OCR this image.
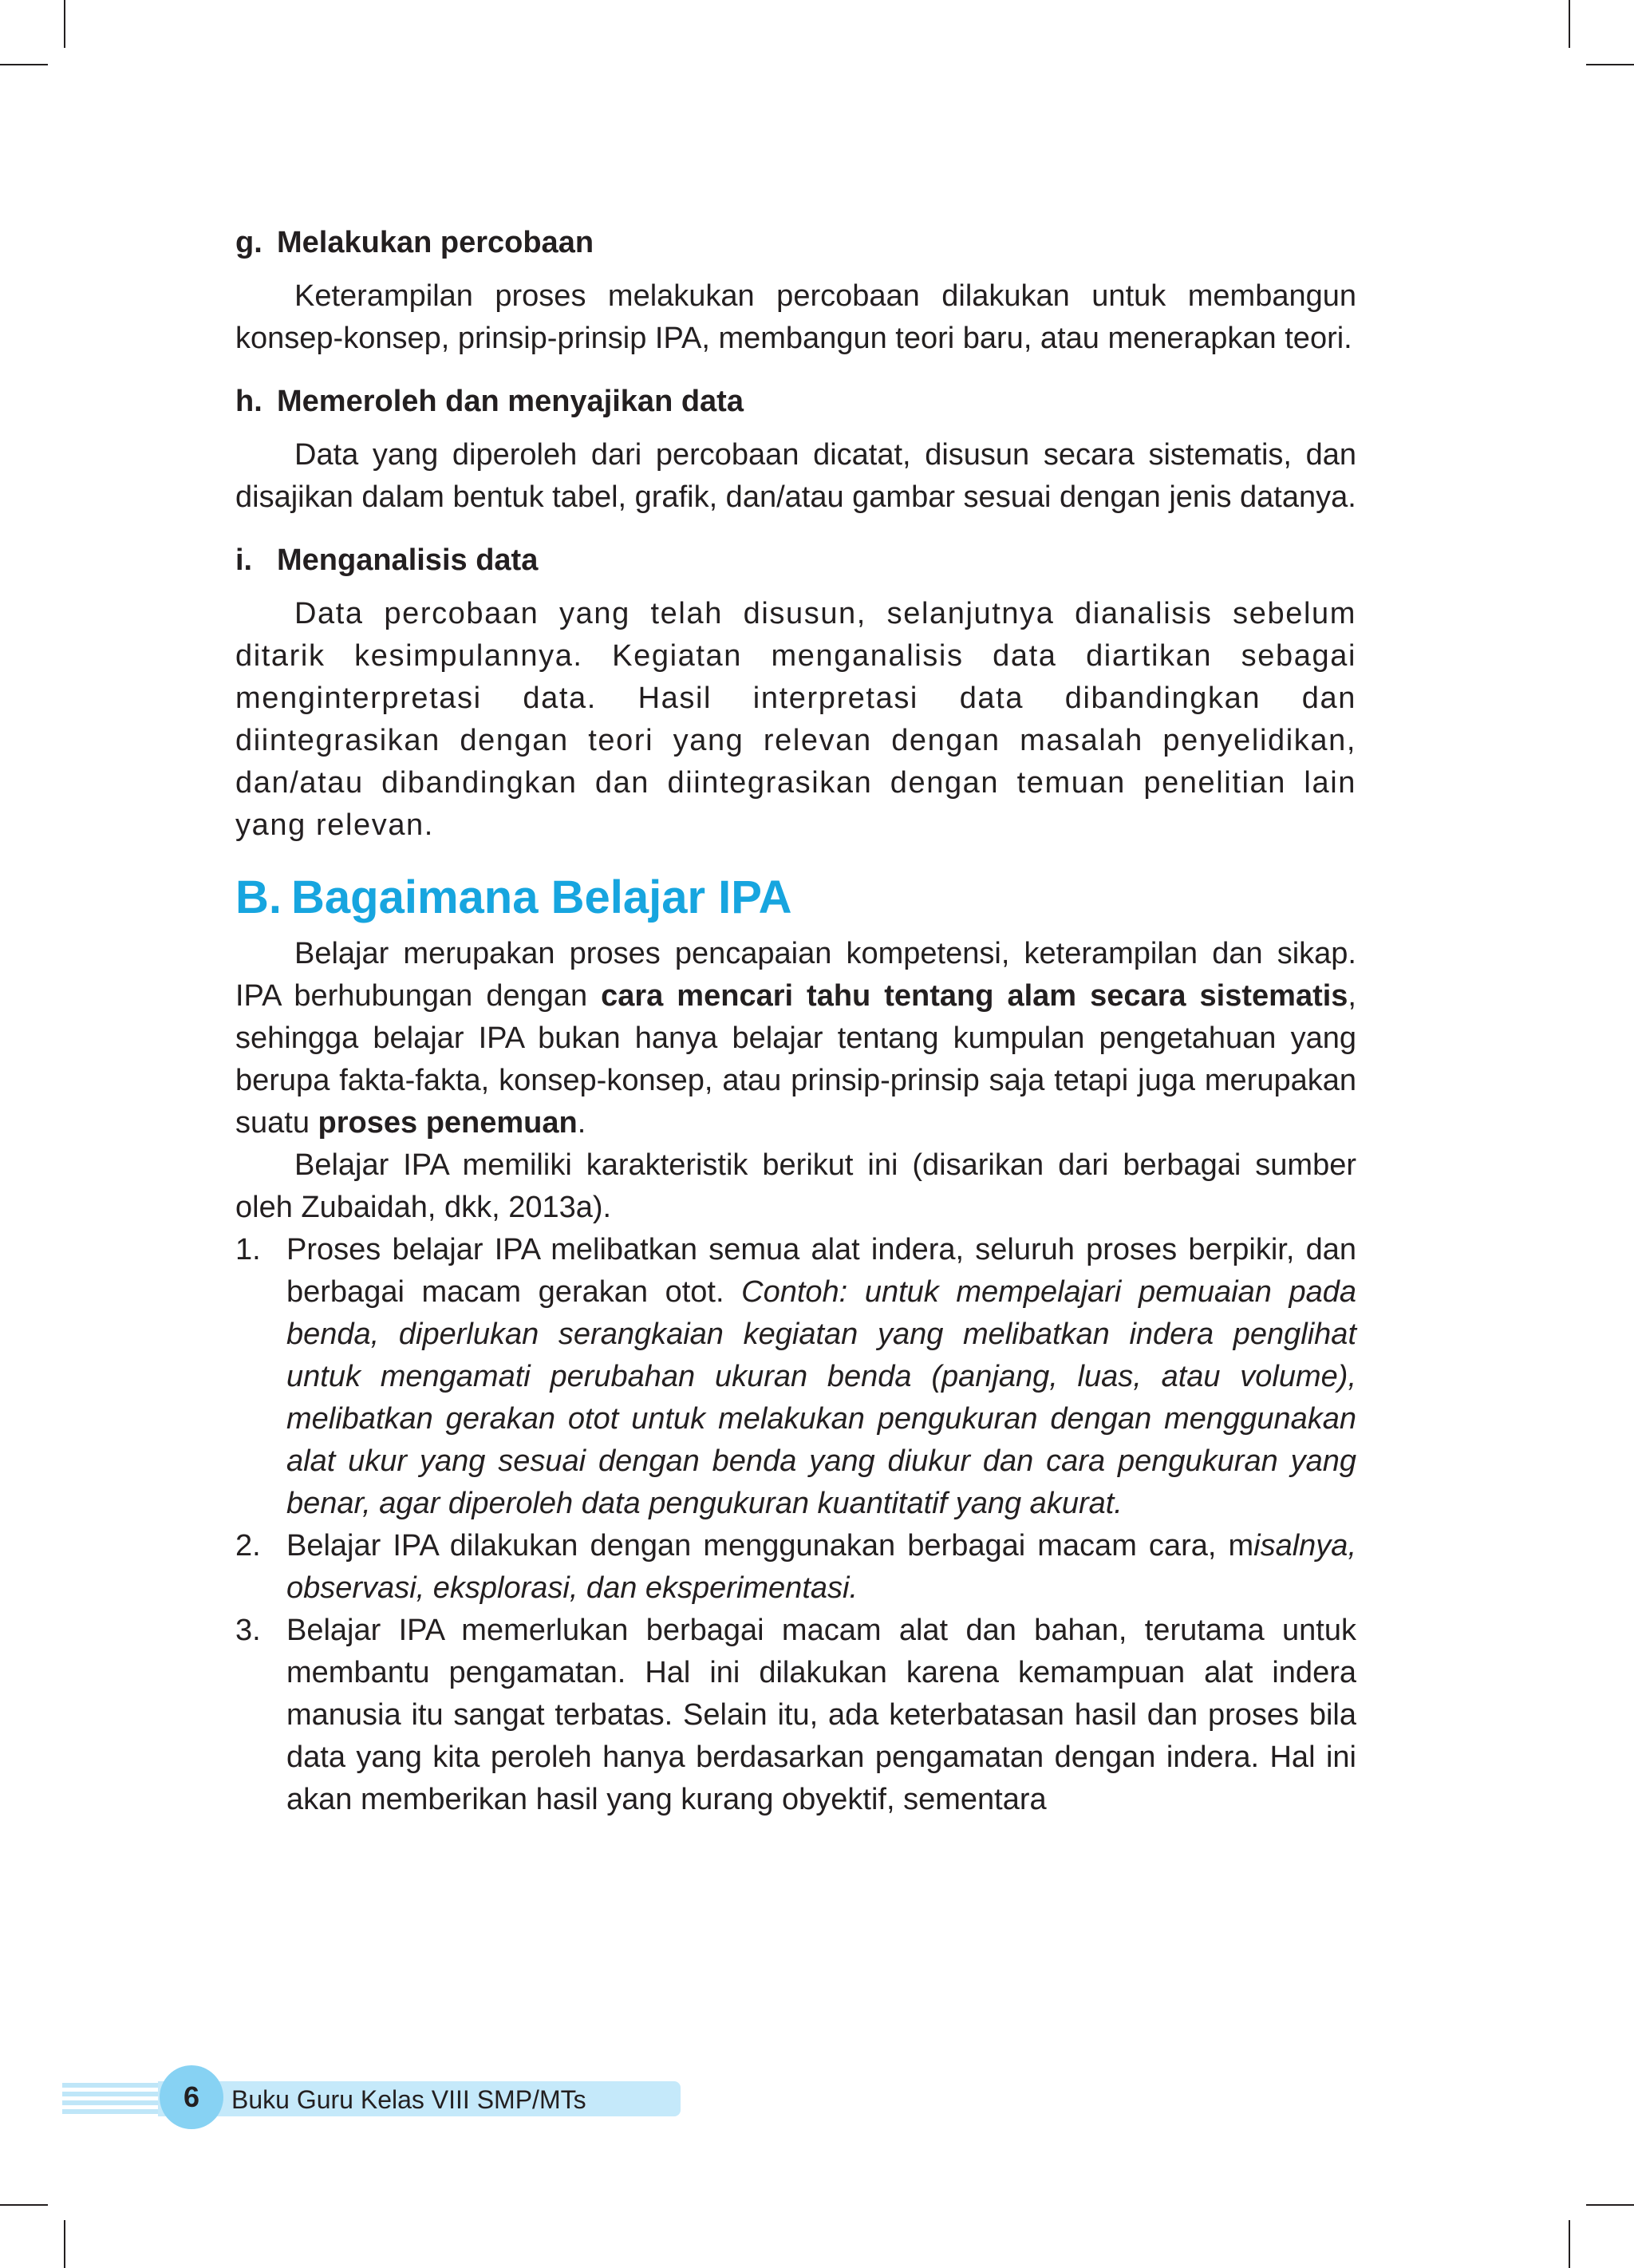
g. Melakukan percobaan

Keterampilan proses melakukan percobaan dilakukan untuk membangun konsep-konsep, prinsip-prinsip IPA, membangun teori baru, atau menerapkan teori.

h. Memeroleh dan menyajikan data

Data yang diperoleh dari percobaan dicatat, disusun secara sistematis, dan disajikan dalam bentuk tabel, grafik, dan/atau gambar sesuai dengan jenis datanya.

i. Menganalisis data

Data percobaan yang telah disusun, selanjutnya dianalisis sebelum ditarik kesimpulannya. Kegiatan menganalisis data diartikan sebagai menginterpretasi data. Hasil interpretasi data dibandingkan dan diintegrasikan dengan teori yang relevan dengan masalah penyelidikan, dan/atau dibandingkan dan diintegrasikan dengan temuan penelitian lain yang relevan.

B. Bagaimana Belajar IPA

Belajar merupakan proses pencapaian kompetensi, keterampilan dan sikap. IPA berhubungan dengan cara mencari tahu tentang alam secara sistematis, sehingga belajar IPA bukan hanya belajar tentang kumpulan pengetahuan yang berupa fakta-fakta, konsep-konsep, atau prinsip-prinsip saja tetapi juga merupakan suatu proses penemuan.

Belajar IPA memiliki karakteristik berikut ini (disarikan dari berbagai sumber oleh Zubaidah, dkk, 2013a).

1. Proses belajar IPA melibatkan semua alat indera, seluruh proses berpikir, dan berbagai macam gerakan otot. Contoh: untuk mempelajari pemuaian pada benda, diperlukan serangkaian kegiatan yang melibatkan indera penglihat untuk mengamati perubahan ukuran benda (panjang, luas, atau volume), melibatkan gerakan otot untuk melakukan pengukuran dengan menggunakan alat ukur yang sesuai dengan benda yang diukur dan cara pengukuran yang benar, agar diperoleh data pengukuran kuantitatif yang akurat.
2. Belajar IPA dilakukan dengan menggunakan berbagai macam cara, misalnya, observasi, eksplorasi, dan eksperimentasi.
3. Belajar IPA memerlukan berbagai macam alat dan bahan, terutama untuk membantu pengamatan. Hal ini dilakukan karena kemampuan alat indera manusia itu sangat terbatas. Selain itu, ada keterbatasan hasil dan proses bila data yang kita peroleh hanya berdasarkan pengamatan dengan indera. Hal ini akan memberikan hasil yang kurang obyektif, sementara
6	Buku Guru Kelas VIII SMP/MTs
